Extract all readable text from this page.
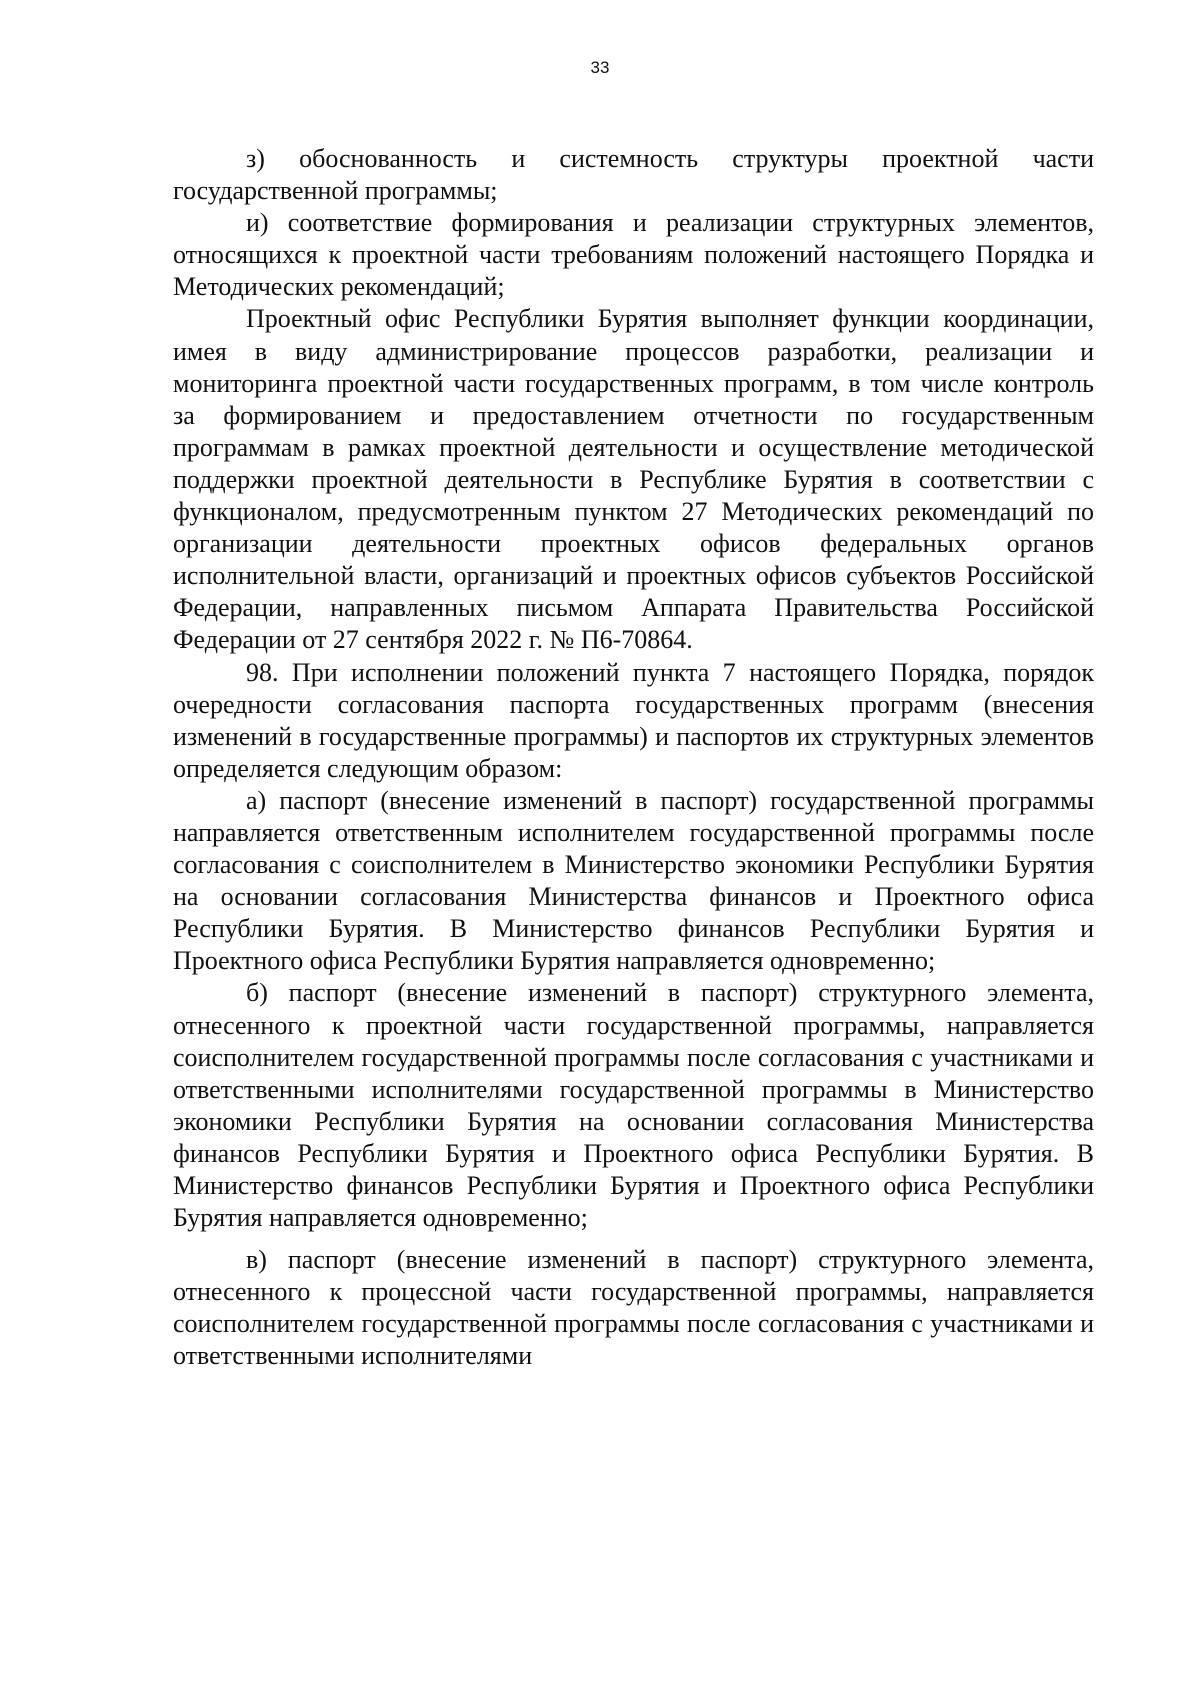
33

з) обоснованность и системность структуры проектной части государственной программы;

и) соответствие формирования и реализации структурных элементов, относящихся к проектной части требованиям положений настоящего Порядка и Методических рекомендаций;

Проектный офис Республики Бурятия выполняет функции координации, имея в виду администрирование процессов разработки, реализации и мониторинга проектной части государственных программ, в том числе контроль за формированием и предоставлением отчетности по государственным программам в рамках проектной деятельности и осуществление методической поддержки проектной деятельности в Республике Бурятия в соответствии с функционалом, предусмотренным пунктом 27 Методических рекомендаций по организации деятельности проектных офисов федеральных органов исполнительной власти, организаций и проектных офисов субъектов Российской Федерации, направленных письмом Аппарата Правительства Российской Федерации от 27 сентября 2022 г. № П6-70864.

98. При исполнении положений пункта 7 настоящего Порядка, порядок очередности согласования паспорта государственных программ (внесения изменений в государственные программы) и паспортов их структурных элементов определяется следующим образом:

а) паспорт (внесение изменений в паспорт) государственной программы направляется ответственным исполнителем государственной программы после согласования с соисполнителем в Министерство экономики Республики Бурятия на основании согласования Министерства финансов и Проектного офиса Республики Бурятия. В Министерство финансов Республики Бурятия и Проектного офиса Республики Бурятия направляется одновременно;

б) паспорт (внесение изменений в паспорт) структурного элемента, отнесенного к проектной части государственной программы, направляется соисполнителем государственной программы после согласования с участниками и ответственными исполнителями государственной программы в Министерство экономики Республики Бурятия на основании согласования Министерства финансов Республики Бурятия и Проектного офиса Республики Бурятия. В Министерство финансов Республики Бурятия и Проектного офиса Республики Бурятия направляется одновременно;

в) паспорт (внесение изменений в паспорт) структурного элемента, отнесенного к процессной части государственной программы, направляется соисполнителем государственной программы после согласования с участниками и ответственными исполнителями
